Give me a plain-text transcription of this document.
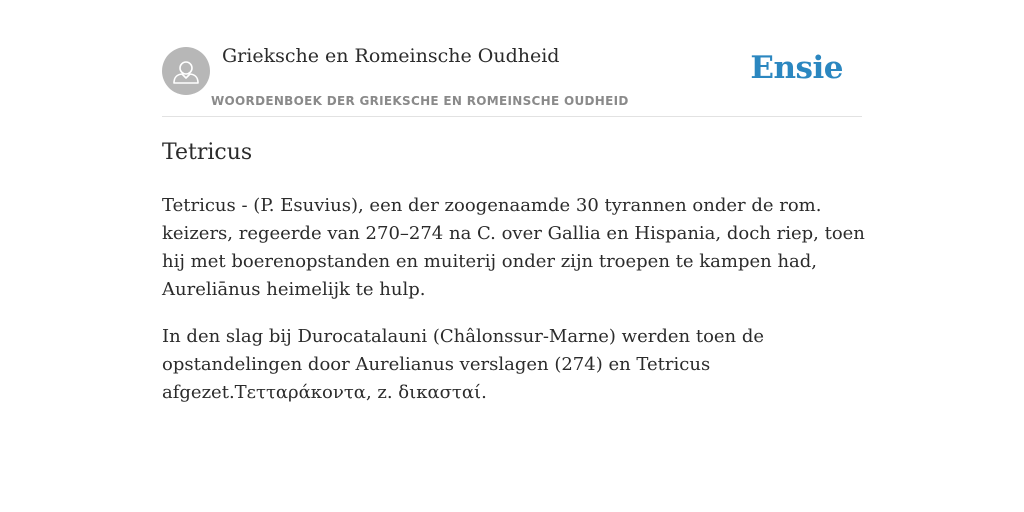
Grieksche en Romeinsche Oudheid
WOORDENBOEK DER GRIEKSCHE EN ROMEINSCHE OUDHEID
Ensie
Tetricus

Tetricus - (P. Esuvius), een der zoogenaamde 30 tyrannen onder de rom. keizers, regeerde van 270–274 na C. over Gallia en Hispania, doch riep, toen hij met boerenopstanden en muiterij onder zijn troepen te kampen had, Aureliānus heimelijk te hulp.

In den slag bij Durocatalauni (Châlonssur-Marne) werden toen de opstandelingen door Aurelianus verslagen (274) en Tetricus afgezet.Τετταράκοντα, z. δικασταί.
